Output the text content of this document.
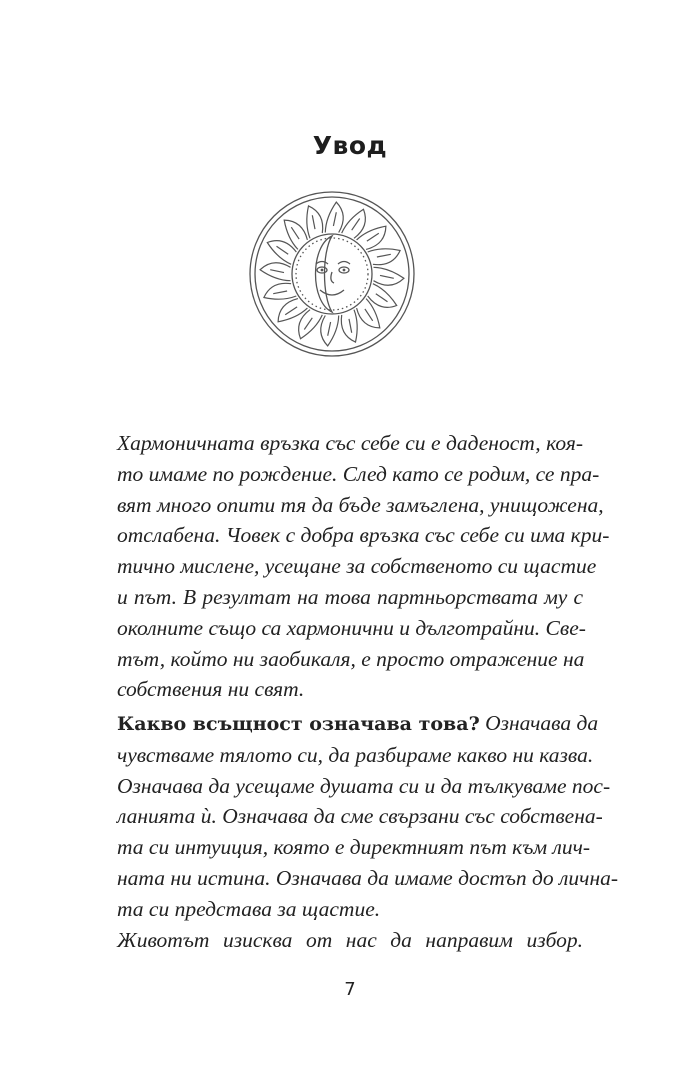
Увод

Хармоничната връзка със себе си е даденост, коя-
то имаме по рождение. След като се родим, се пра-
вят много опити тя да бъде замъглена, унищожена,
отслабена. Човек с добра връзка със себе си има кри-
тично мислене, усещане за собственото си щастие
и път. В резултат на това партньорствата му с
околните също са хармонични и дълготрайни. Све-
тът, който ни заобикаля, е просто отражение на
собствения ни свят.

Какво всъщност означава това? Означава да
чувстваме тялото си, да разбираме какво ни казва.
Означава да усещаме душата си и да тълкуваме пос-
ланията ѝ. Означава да сме свързани със собствена-
та си интуиция, която е директният път към лич-
ната ни истина. Означава да имаме достъп до лична-
та си представа за щастие.

Животът изисква от нас да направим избор.

7
